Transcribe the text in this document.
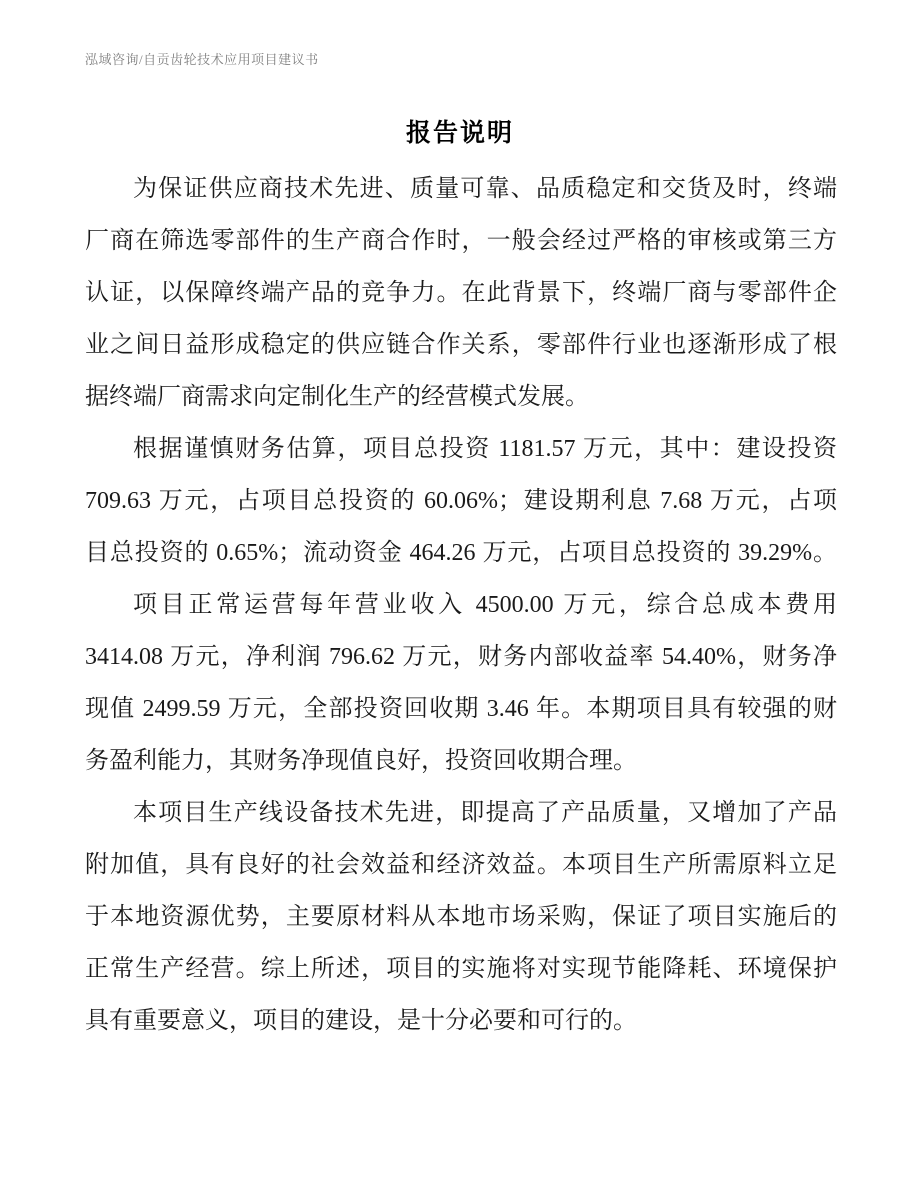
泓域咨询/自贡齿轮技术应用项目建议书
报告说明
为保证供应商技术先进、质量可靠、品质稳定和交货及时，终端
厂商在筛选零部件的生产商合作时，一般会经过严格的审核或第三方
认证，以保障终端产品的竞争力。在此背景下，终端厂商与零部件企
业之间日益形成稳定的供应链合作关系，零部件行业也逐渐形成了根
据终端厂商需求向定制化生产的经营模式发展。
根据谨慎财务估算，项目总投资 1181.57 万元，其中：建设投资
709.63 万元，占项目总投资的 60.06%；建设期利息 7.68 万元，占项
目总投资的 0.65%；流动资金 464.26 万元，占项目总投资的 39.29%。
项目正常运营每年营业收入 4500.00 万元，综合总成本费用
3414.08 万元，净利润 796.62 万元，财务内部收益率 54.40%，财务净
现值 2499.59 万元，全部投资回收期 3.46 年。本期项目具有较强的财
务盈利能力，其财务净现值良好，投资回收期合理。
本项目生产线设备技术先进，即提高了产品质量，又增加了产品
附加值，具有良好的社会效益和经济效益。本项目生产所需原料立足
于本地资源优势，主要原材料从本地市场采购，保证了项目实施后的
正常生产经营。综上所述，项目的实施将对实现节能降耗、环境保护
具有重要意义，项目的建设，是十分必要和可行的。
